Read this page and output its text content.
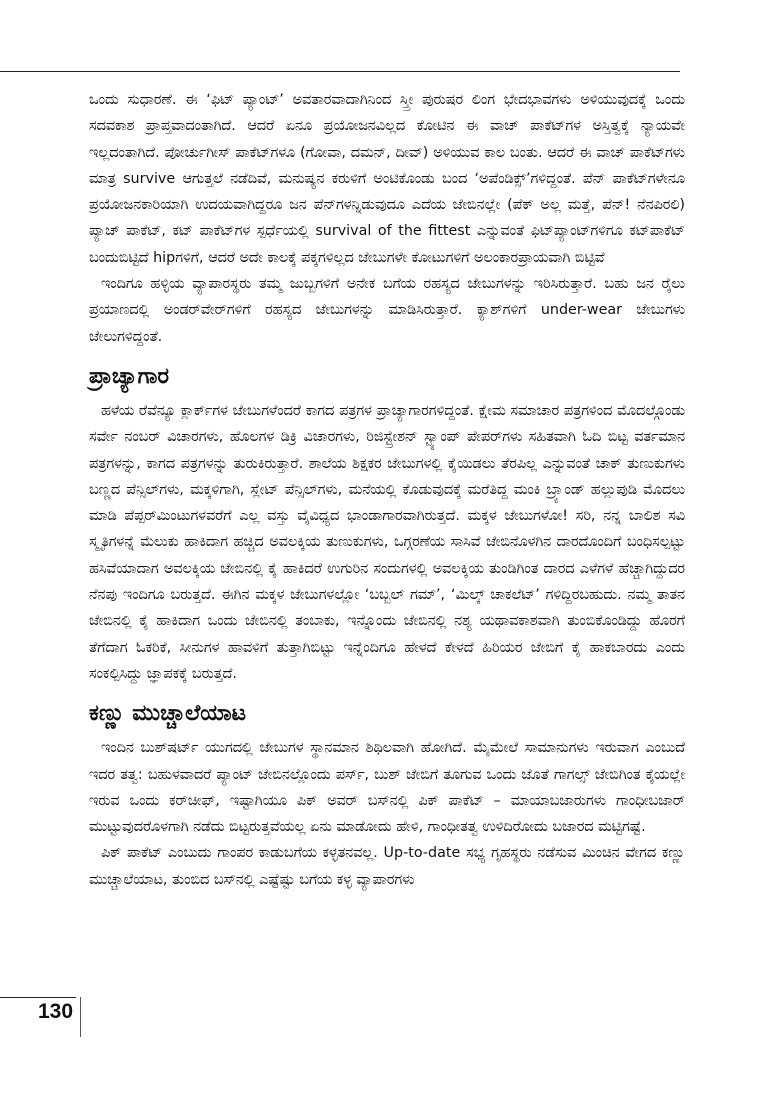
ಒಂದು ಸುಧಾರಣೆ. ಈ ‘ಫಿಟ್ ಪ್ಯಾಂಟ್’ ಅವತಾರವಾದಾಗಿನಿಂದ ಸ್ತ್ರೀ ಪುರುಷರ ಲಿಂಗ ಭೇದಭಾವಗಳು ಅಳಿಯುವುದಕ್ಕೆ ಒಂದು ಸದವಕಾಶ ಪ್ರಾಪ್ತವಾದಂತಾಗಿದೆ. ಆದರೆ ಏನೂ ಪ್ರಯೋಜನವಿಲ್ಲದ ಕೋಟಿನ ಈ ವಾಚ್ ಪಾಕೆಟ್‌ಗಳ ಅಸ್ತಿತ್ವಕ್ಕೆ ನ್ಯಾಯವೇ ಇಲ್ಲದಂತಾಗಿದೆ. ಪೋರ್ಚುಗೀಸ್ ಪಾಕೆಟ್‌ಗಳೂ (ಗೋವಾ, ದಮನ್, ದೀವ್) ಅಳಿಯುವ ಕಾಲ ಬಂತು. ಆದರೆ ಈ ವಾಚ್ ಪಾಕೆಟ್‌ಗಳು ಮಾತ್ರ survive ಆಗುತ್ತಲೆ ನಡೆದಿವೆ, ಮನುಷ್ಯನ ಕರುಳಿಗೆ ಅಂಟಿಕೊಂಡು ಬಂದ ‘ಅಪೆಂಡಿಕ್ಸ್’ಗಳಿದ್ದಂತೆ. ಪೆನ್ ಪಾಕೆಟ್‌ಗಳೇನೂ ಪ್ರಯೋಜನಕಾರಿಯಾಗಿ ಉದಯವಾಗಿದ್ದರೂ ಜನ ಪೆನ್‌ಗಳನ್ನಿಡುವುದೂ ಎದೆಯ ಜೇಬಿನಲ್ಲೇ (ಪೆಕ್ ಅಲ್ಲ ಮತ್ತೆ, ಪೆನ್! ನೆನಪಿರಲಿ) ಪ್ಯಾಚ್ ಪಾಕೆಟ್, ಕಟ್ ಪಾಕೆಟ್‌ಗಳ ಸ್ಪರ್ಧೆಯಲ್ಲಿ survival of the fittest ಎನ್ನುವಂತೆ ಫಿಟ್‌ಪ್ಯಾಂಟ್‌ಗಳಿಗೂ ಕಟ್‌ಪಾಕೆಟ್ ಬಂದುಬಿಟ್ಟಿದೆ hipಗಳಿಗೆ, ಆದರೆ ಅದೇ ಕಾಲಕ್ಕೆ ಪಕ್ಕಗಳಿಲ್ಲದ ಜೇಬುಗಳೇ ಕೋಟುಗಳಿಗೆ ಅಲಂಕಾರಪ್ರಾಯವಾಗಿ ಬಿಟ್ಟಿವೆ

ಇಂದಿಗೂ ಹಳ್ಳಿಯ ವ್ಯಾಪಾರಸ್ಥರು ತಮ್ಮ ಜುಬ್ಬಗಳಿಗೆ ಅನೇಕ ಬಗೆಯ ರಹಸ್ಯದ ಜೇಬುಗಳನ್ನು ಇರಿಸಿರುತ್ತಾರೆ. ಬಹು ಜನ ರೈಲು ಪ್ರಯಾಣದಲ್ಲಿ ಅಂಡರ್‌ವೇರ್‌ಗಳಿಗೆ ರಹಸ್ಯದ ಜೇಬುಗಳನ್ನು ಮಾಡಿಸಿರುತ್ತಾರೆ. ಕ್ಯಾಶ್‌ಗಳಿಗೆ under-wear ಜೇಬುಗಳು ಜೇಲುಗಳಿದ್ದಂತೆ.

ಪ್ರಾಚ್ಯಾಗಾರ

ಹಳೆಯ ರೆವೆನ್ಯೂ ಕ್ಲಾರ್ಕ್‌ಗಳ ಜೇಬುಗಳೆಂದರೆ ಕಾಗದ ಪತ್ರಗಳ ಪ್ರಾಚ್ಯಾಗಾರಗಳಿದ್ದಂತೆ. ಕ್ಷೇಮ ಸಮಾಚಾರ ಪತ್ರಗಳಿಂದ ಮೊದಲ್ಗೊಂಡು ಸರ್ವೇ ನಂಬರ್ ವಿಚಾರಗಳು, ಹೊಲಗಳ ಡಿಕ್ರಿ ವಿಚಾರಗಳು, ರಿಜಿಸ್ಟ್ರೇಶನ್ ಸ್ಟ್ಯಾಂಪ್ ಪೇಪರ್‌ಗಳು ಸಹಿತವಾಗಿ ಓದಿ ಬಿಟ್ಟ ವರ್ತಮಾನ ಪತ್ರಗಳನ್ನು, ಕಾಗದ ಪತ್ರಗಳನ್ನು ತುರುಕಿರುತ್ತಾರೆ. ಶಾಲೆಯ ಶಿಕ್ಷಕರ ಜೇಬುಗಳಲ್ಲಿ ಕೈಯಿಡಲು ತೆರಪಿಲ್ಲ ಎನ್ನುವಂತೆ ಚಾಕ್ ತುಣುಕುಗಳು ಬಣ್ಣದ ಪೆನ್ಸಿಲ್‌ಗಳು, ಮಕ್ಕಳಿಗಾಗಿ, ಸ್ಲೇಟ್ ಪೆನ್ಸಿಲ್‌ಗಳು, ಮನೆಯಲ್ಲಿ ಕೊಡುವುದಕ್ಕೆ ಮರೆತಿದ್ದ ಮಂಕಿ ಬ್ರ್ಯಾಂಡ್ ಹಲ್ಲುಪುಡಿ ಮೊದಲು ಮಾಡಿ ಪೆಪ್ಪರ್‌ಮಿಂಟುಗಳವರೆಗೆ ಎಲ್ಲ ವಸ್ತು ವೈವಿಧ್ಯದ ಭಾಂಡಾಗಾರವಾಗಿರುತ್ತದೆ. ಮಕ್ಕಳ ಜೇಬುಗಳೋ! ಸರಿ, ನನ್ನ ಬಾಲಿಶ ಸವಿ ಸ್ಮೃತಿಗಳನ್ನೆ ಮೆಲುಕು ಹಾಕಿದಾಗ ಹಚ್ಚಿದ ಅವಲಕ್ಕಿಯ ತುಣುಕುಗಳು, ಒಗ್ಗರಣೆಯ ಸಾಸಿವೆ ಜೇಬಿನೊಳಗಿನ ದಾರದೊಂದಿಗೆ ಬಂಧಿಸಲ್ಪಟ್ಟು ಹಸಿವೆಯಾದಾಗ ಅವಲಕ್ಕಿಯ ಜೇಬಿನಲ್ಲಿ ಕೈ ಹಾಕಿದರೆ ಉಗುರಿನ ಸಂದುಗಳಲ್ಲಿ ಅವಲಕ್ಕಿಯ ತುಂಡಿಗಿಂತ ದಾರದ ಎಳೆಗಳೆ ಹೆಚ್ಚಾಗಿದ್ದುದರ ನೆನಪು ಇಂದಿಗೂ ಬರುತ್ತದೆ. ಈಗಿನ ಮಕ್ಕಳ ಜೇಬುಗಳಲ್ಲೋ ‘ಬಬ್ಬಲ್ ಗಮ್’, ‘ಮಿಲ್ಕ್ ಚಾಕಲೆಟ್’ ಗಳಿದ್ದಿರಬಹುದು. ನಮ್ಮ ತಾತನ ಜೇಬಿನಲ್ಲಿ ಕೈ ಹಾಕಿದಾಗ ಒಂದು ಜೇಬಿನಲ್ಲಿ ತಂಬಾಕು, ಇನ್ನೊಂದು ಜೇಬಿನಲ್ಲಿ ನಶ್ಯ ಯಥಾವಕಾಶವಾಗಿ ತುಂಬಿಕೊಂಡಿದ್ದು ಹೊರಗೆ ತೆಗೆದಾಗ ಓಕರಿಕೆ, ಸೀನುಗಳ ಹಾವಳಿಗೆ ತುತ್ತಾಗಿಬಿಟ್ಟು ಇನ್ನೆಂದಿಗೂ ಹೇಳದೆ ಕೇಳದೆ ಹಿರಿಯರ ಜೇಬಿಗೆ ಕೈ ಹಾಕಬಾರದು ಎಂದು ಸಂಕಲ್ಪಿಸಿದ್ದು ಜ್ಞಾಪಕಕ್ಕೆ ಬರುತ್ತದೆ.

ಕಣ್ಣು ಮುಚ್ಚಾಲೆಯಾಟ

ಇಂದಿನ ಬುಶ್‌ಷರ್ಟ್ ಯುಗದಲ್ಲಿ ಜೇಬುಗಳ ಸ್ಥಾನಮಾನ ಶಿಥಿಲವಾಗಿ ಹೋಗಿದೆ. ಮೈಮೇಲೆ ಸಾಮಾನುಗಳು ಇರುವಾಗ ಎಂಬುದೆ ಇದರ ತತ್ವ: ಬಹುಳವಾದರೆ ಪ್ಯಾಂಟ್ ಜೇಬಿನಲ್ಲೊಂದು ಪರ್ಸ್, ಬುಶ್ ಜೇಬಿಗೆ ತೂಗುವ ಒಂದು ಜೊತೆ ಗಾಗಲ್ಸ್ ಜೇಬಿಗಿಂತ ಕೈಯಲ್ಲೇ ಇರುವ ಒಂದು ಕರ್‌ಚೀಫ್, ಇಷ್ಟಾಗಿಯೂ ಪಿಕ್ ಅವರ್ ಬಸ್‌ನಲ್ಲಿ ಪಿಕ್ ಪಾಕೆಟ್ – ಮಾಯಾಬಜಾರುಗಳು ಗಾಂಧೀಬಜಾರ್ ಮುಟ್ಟುವುದರೊಳಗಾಗಿ ನಡೆದು ಬಿಟ್ಟರುತ್ತವೆಯಲ್ಲ ಏನು ಮಾಡೋದು ಹೇಳಿ, ಗಾಂಧೀತತ್ವ ಉಳಿದಿರೋದು ಬಜಾರದ ಮಟ್ಟಿಗಷ್ಟೆ.

ಪಿಕ್ ಪಾಕೆಟ್ ಎಂಬುದು ಗಾಂಪರ ಕಾಡುಬಗೆಯ ಕಳ್ಳತನವಲ್ಲ. Up-to-date ಸಭ್ಯ ಗೃಹಸ್ಥರು ನಡೆಸುವ ಮಿಂಚಿನ ವೇಗದ ಕಣ್ಣು ಮುಚ್ಚಾಲೆಯಾಟ, ತುಂಬಿದ ಬಸ್‌ನಲ್ಲಿ ಎಷ್ಟೆಷ್ಟು ಬಗೆಯ ಕಳ್ಳ ವ್ಯಾಪಾರಗಳು

130
